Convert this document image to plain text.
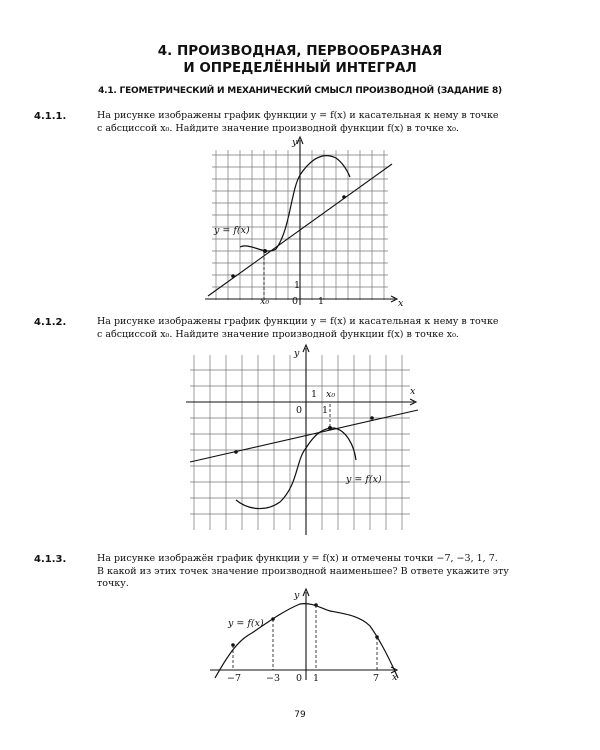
4. ПРОИЗВОДНАЯ, ПЕРВООБРАЗНАЯ
И ОПРЕДЕЛЁННЫЙ ИНТЕГРАЛ
4.1. ГЕОМЕТРИЧЕСКИЙ И МЕХАНИЧЕСКИЙ СМЫСЛ ПРОИЗВОДНОЙ (ЗАДАНИЕ 8)
4.1.1.	На рисунке изображены график функции y = f(x) и касательная к нему в точке
с абсциссой x₀. Найдите значение производной функции f(x) в точке x₀.
y
x
y = f(x)
x₀ 0 1
1
4.1.2.	На рисунке изображены график функции y = f(x) и касательная к нему в точке
с абсциссой x₀. Найдите значение производной функции f(x) в точке x₀.
y
x
y = f(x)
x₀
0 1
1
4.1.3.	На рисунке изображён график функции y = f(x) и отмечены точки −7, −3, 1, 7.
В какой из этих точек значение производной наименьшее? В ответе укажите эту
точку.
y
x
y = f(x)
0
−7	−3	1	7
79
